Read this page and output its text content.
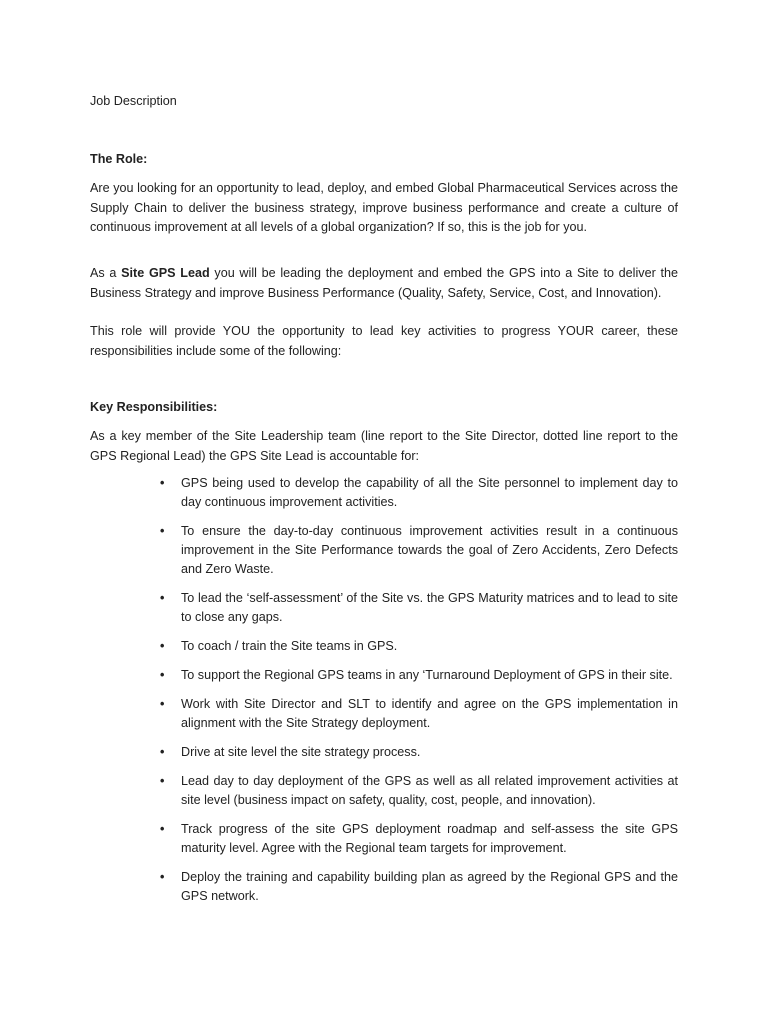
Job Description
The Role:
Are you looking for an opportunity to lead, deploy, and embed Global Pharmaceutical Services across the Supply Chain to deliver the business strategy, improve business performance and create a culture of continuous improvement at all levels of a global organization? If so, this is the job for you.
As a Site GPS Lead you will be leading the deployment and embed the GPS into a Site to deliver the Business Strategy and improve Business Performance (Quality, Safety, Service, Cost, and Innovation).
This role will provide YOU the opportunity to lead key activities to progress YOUR career, these responsibilities include some of the following:
Key Responsibilities:
As a key member of the Site Leadership team (line report to the Site Director, dotted line report to the GPS Regional Lead) the GPS Site Lead is accountable for:
• GPS being used to develop the capability of all the Site personnel to implement day to day continuous improvement activities.
• To ensure the day-to-day continuous improvement activities result in a continuous improvement in the Site Performance towards the goal of Zero Accidents, Zero Defects and Zero Waste.
• To lead the ‘self-assessment’ of the Site vs. the GPS Maturity matrices and to lead to site to close any gaps.
• To coach / train the Site teams in GPS.
• To support the Regional GPS teams in any ‘Turnaround Deployment of GPS in their site.
• Work with Site Director and SLT to identify and agree on the GPS implementation in alignment with the Site Strategy deployment.
• Drive at site level the site strategy process.
• Lead day to day deployment of the GPS as well as all related improvement activities at site level (business impact on safety, quality, cost, people, and innovation).
• Track progress of the site GPS deployment roadmap and self-assess the site GPS maturity level. Agree with the Regional team targets for improvement.
• Deploy the training and capability building plan as agreed by the Regional GPS and the GPS network.
